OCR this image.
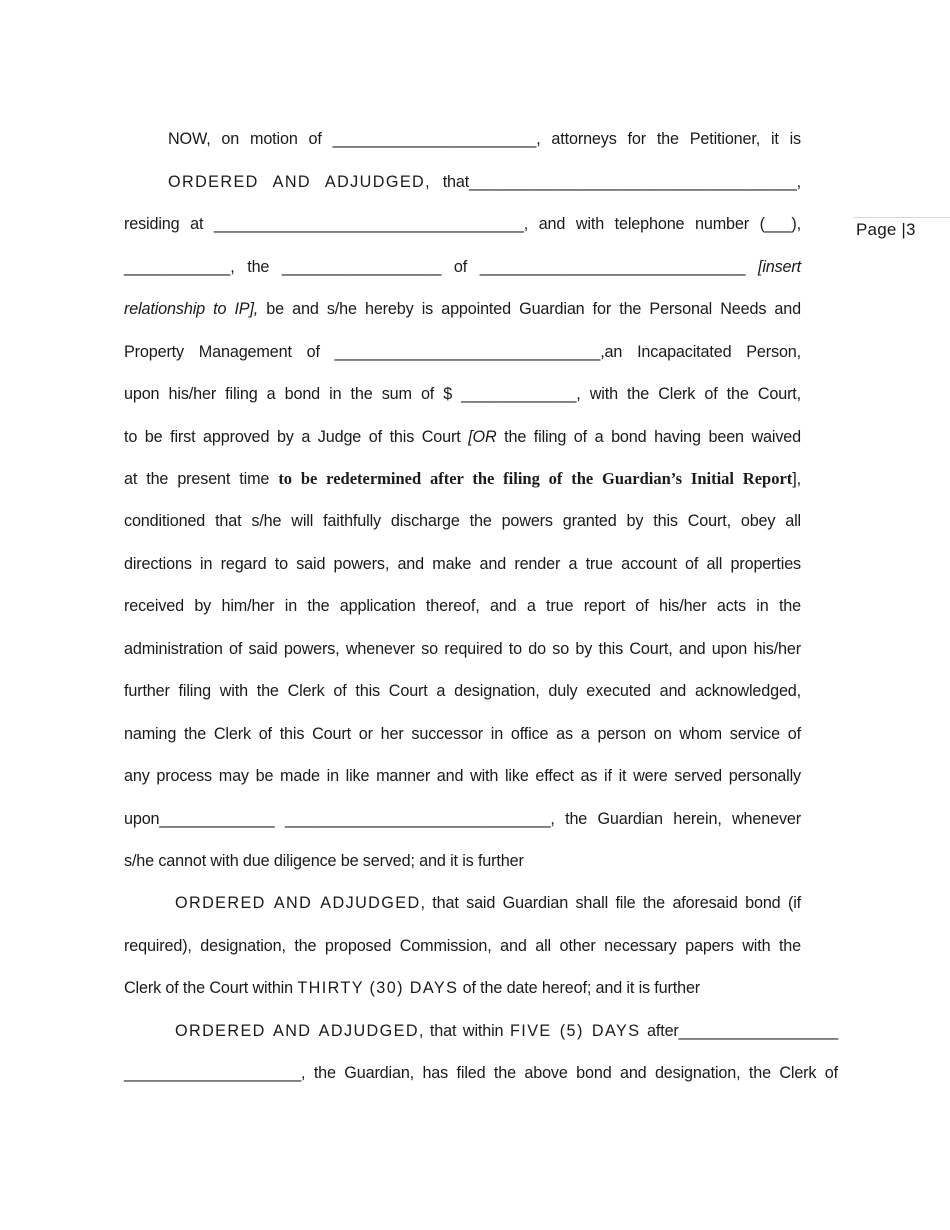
Page |3
NOW, on motion of _______________________, attorneys for the Petitioner, it is
ORDERED AND ADJUDGED, that_____________________________________,
residing at ___________________________________, and with telephone number (___),
____________, the __________________ of ______________________________ [insert
relationship to IP], be and s/he hereby is appointed Guardian for the Personal Needs and
Property Management of ______________________________,an Incapacitated Person,
upon his/her filing a bond in the sum of $ _____________, with the Clerk of the Court,
to be first approved by a Judge of this Court [OR the filing of a bond having been waived
at the present time to be redetermined after the filing of the Guardian’s Initial Report],
conditioned that s/he will faithfully discharge the powers granted by this Court, obey all
directions in regard to said powers, and make and render a true account of all properties
received by him/her in the application thereof, and a true report of his/her acts in the
administration of said powers, whenever so required to do so by this Court, and upon his/her
further filing with the Clerk of this Court a designation, duly executed and acknowledged,
naming the Clerk of this Court or her successor in office as a person on whom service of
any process may be made in like manner and with like effect as if it were served personally
upon_____________ ______________________________, the Guardian herein, whenever
s/he cannot with due diligence be served; and it is further
ORDERED AND ADJUDGED, that said Guardian shall file the aforesaid bond (if
required), designation, the proposed Commission, and all other necessary papers with the
Clerk of the Court within THIRTY (30) DAYS of the date hereof; and it is further
ORDERED AND ADJUDGED, that within FIVE (5) DAYS after__________________
____________________, the Guardian, has filed the above bond and designation, the Clerk of
